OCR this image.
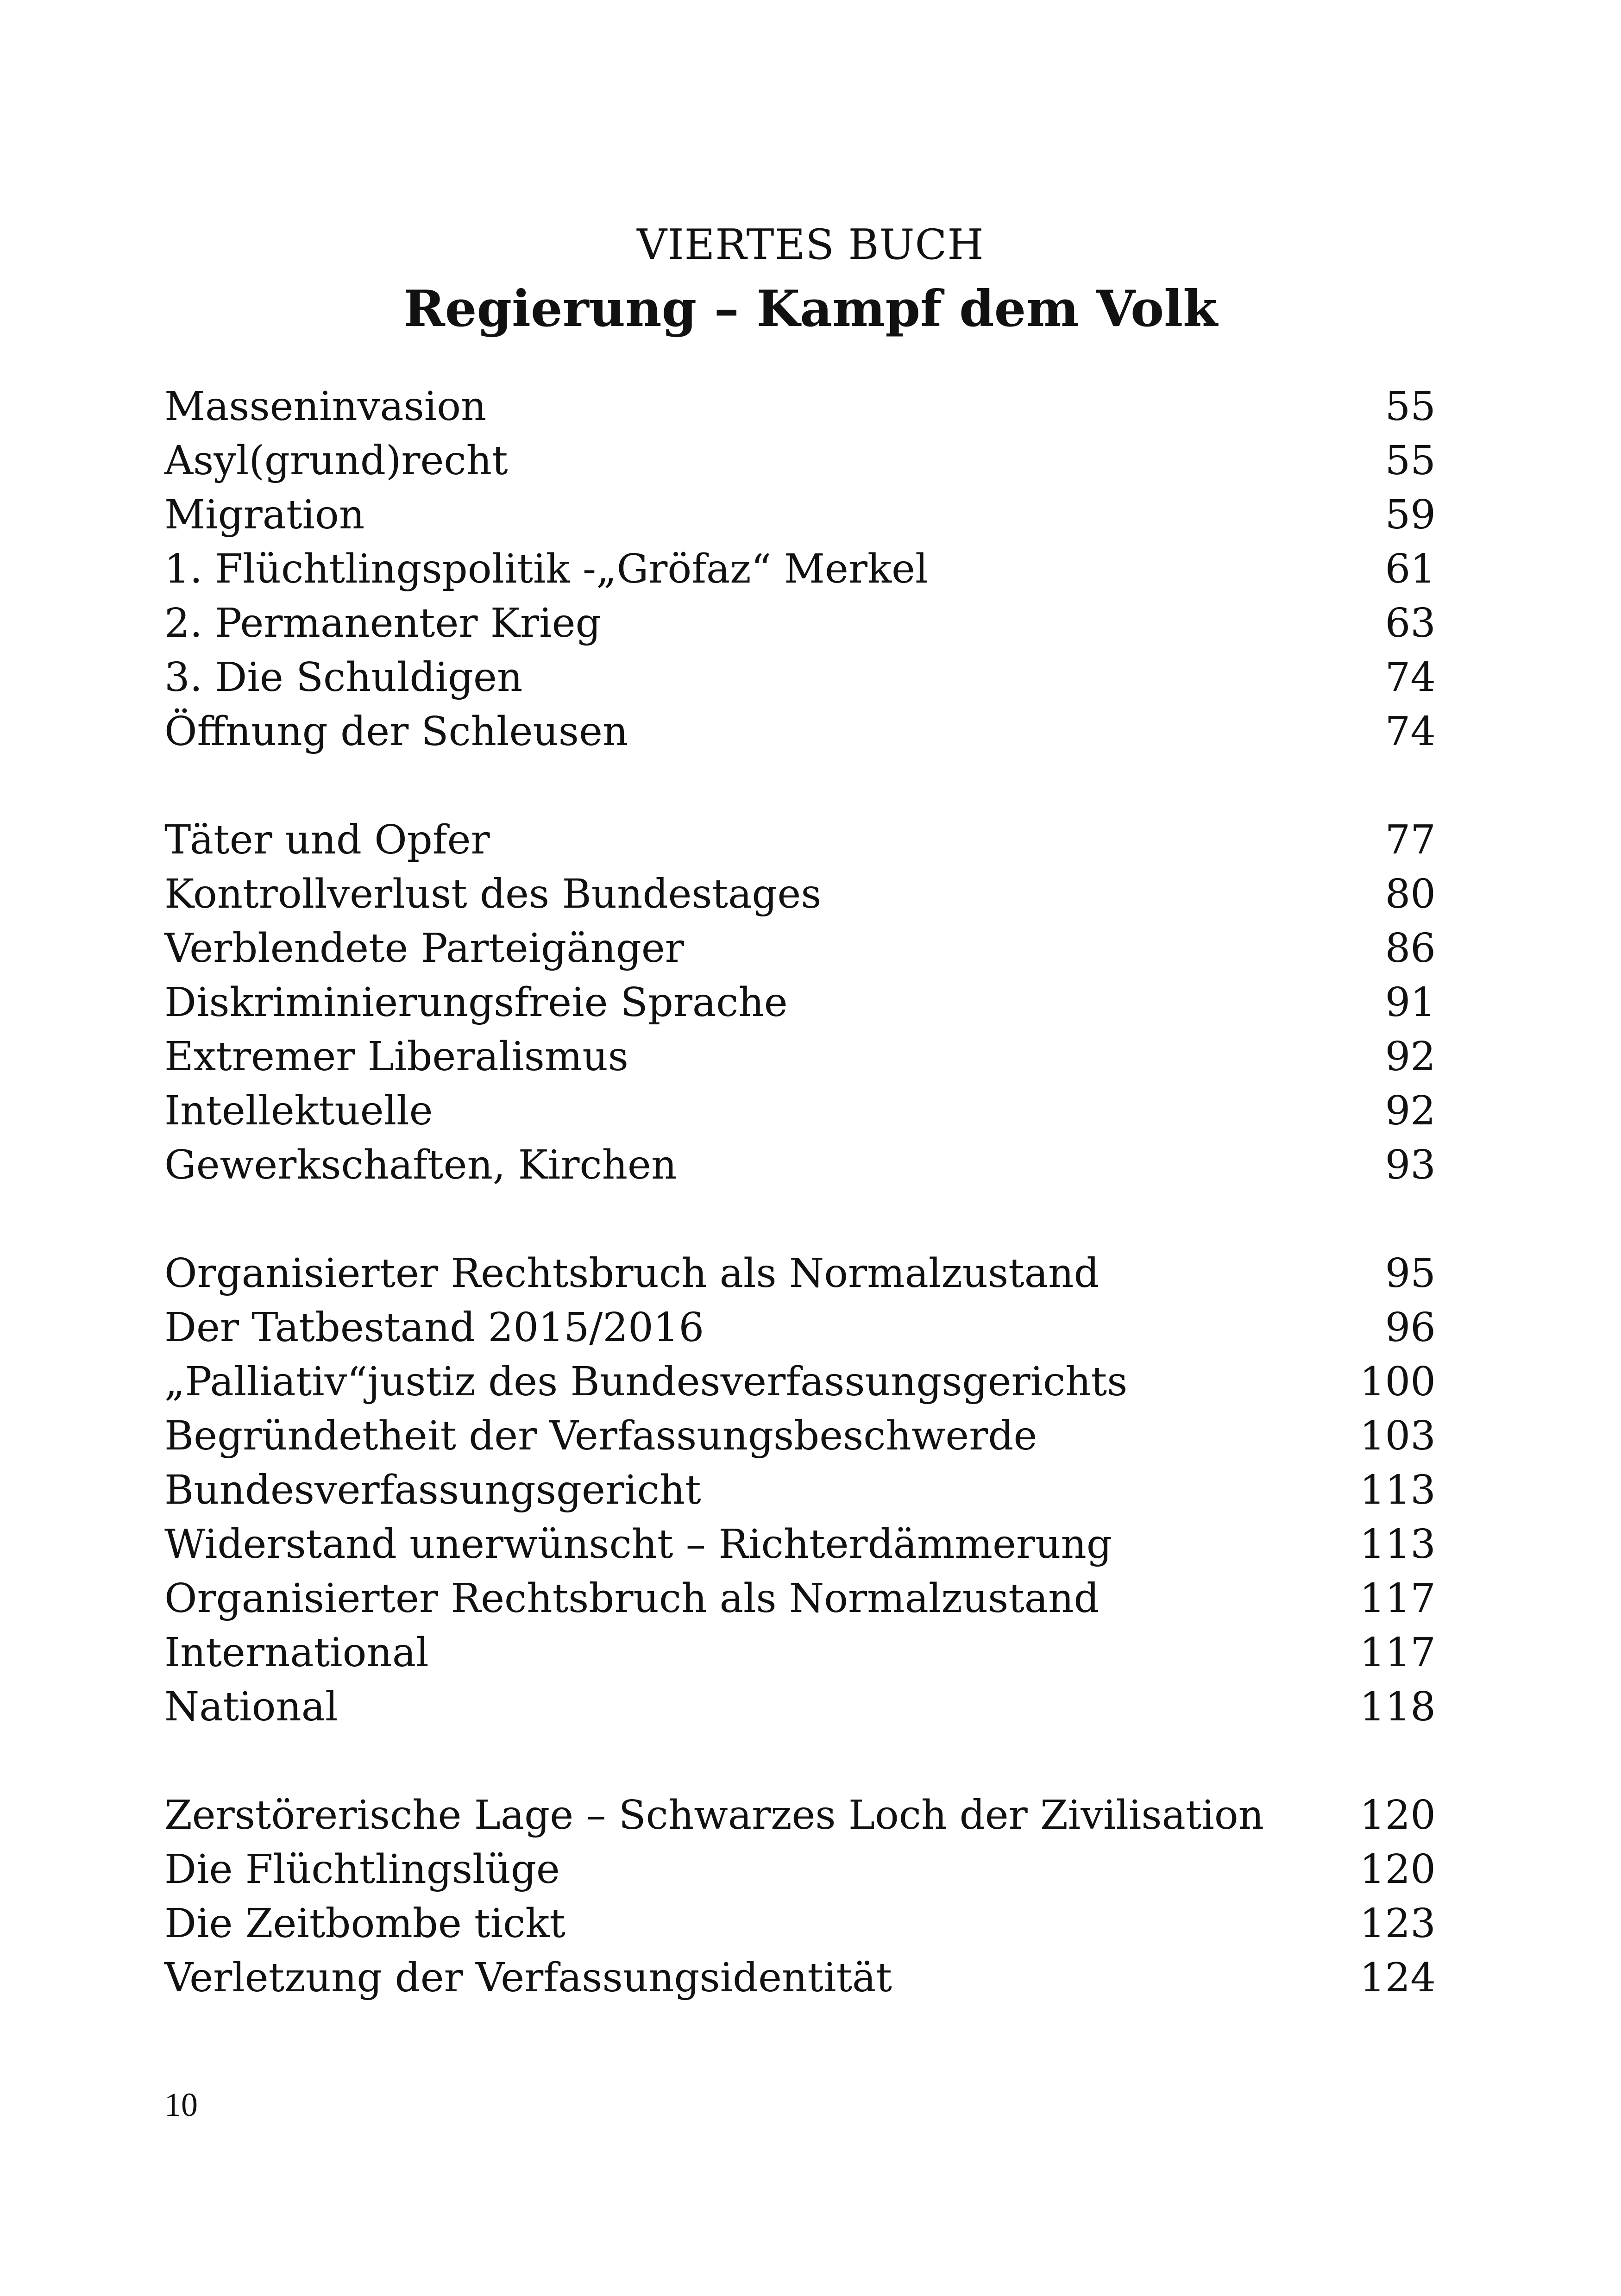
VIERTES BUCH
Regierung – Kampf dem Volk
Masseninvasion	55
Asyl(grund)recht	55
Migration	59
1. Flüchtlingspolitik -„Gröfaz“ Merkel	61
2. Permanenter Krieg	63
3. Die Schuldigen	74
Öffnung der Schleusen	74
Täter und Opfer	77
Kontrollverlust des Bundestages	80
Verblendete Parteigänger	86
Diskriminierungsfreie Sprache	91
Extremer Liberalismus	92
Intellektuelle	92
Gewerkschaften, Kirchen	93
Organisierter Rechtsbruch als Normalzustand	95
Der Tatbestand 2015/2016	96
„Palliativ“justiz des Bundesverfassungsgerichts	100
Begründetheit der Verfassungsbeschwerde	103
Bundesverfassungsgericht	113
Widerstand unerwünscht – Richterdämmerung	113
Organisierter Rechtsbruch als Normalzustand	117
International	117
National	118
Zerstörerische Lage – Schwarzes Loch der Zivilisation 120
Die Flüchtlingslüge	120
Die Zeitbombe tickt	123
Verletzung der Verfassungsidentität	124
10
